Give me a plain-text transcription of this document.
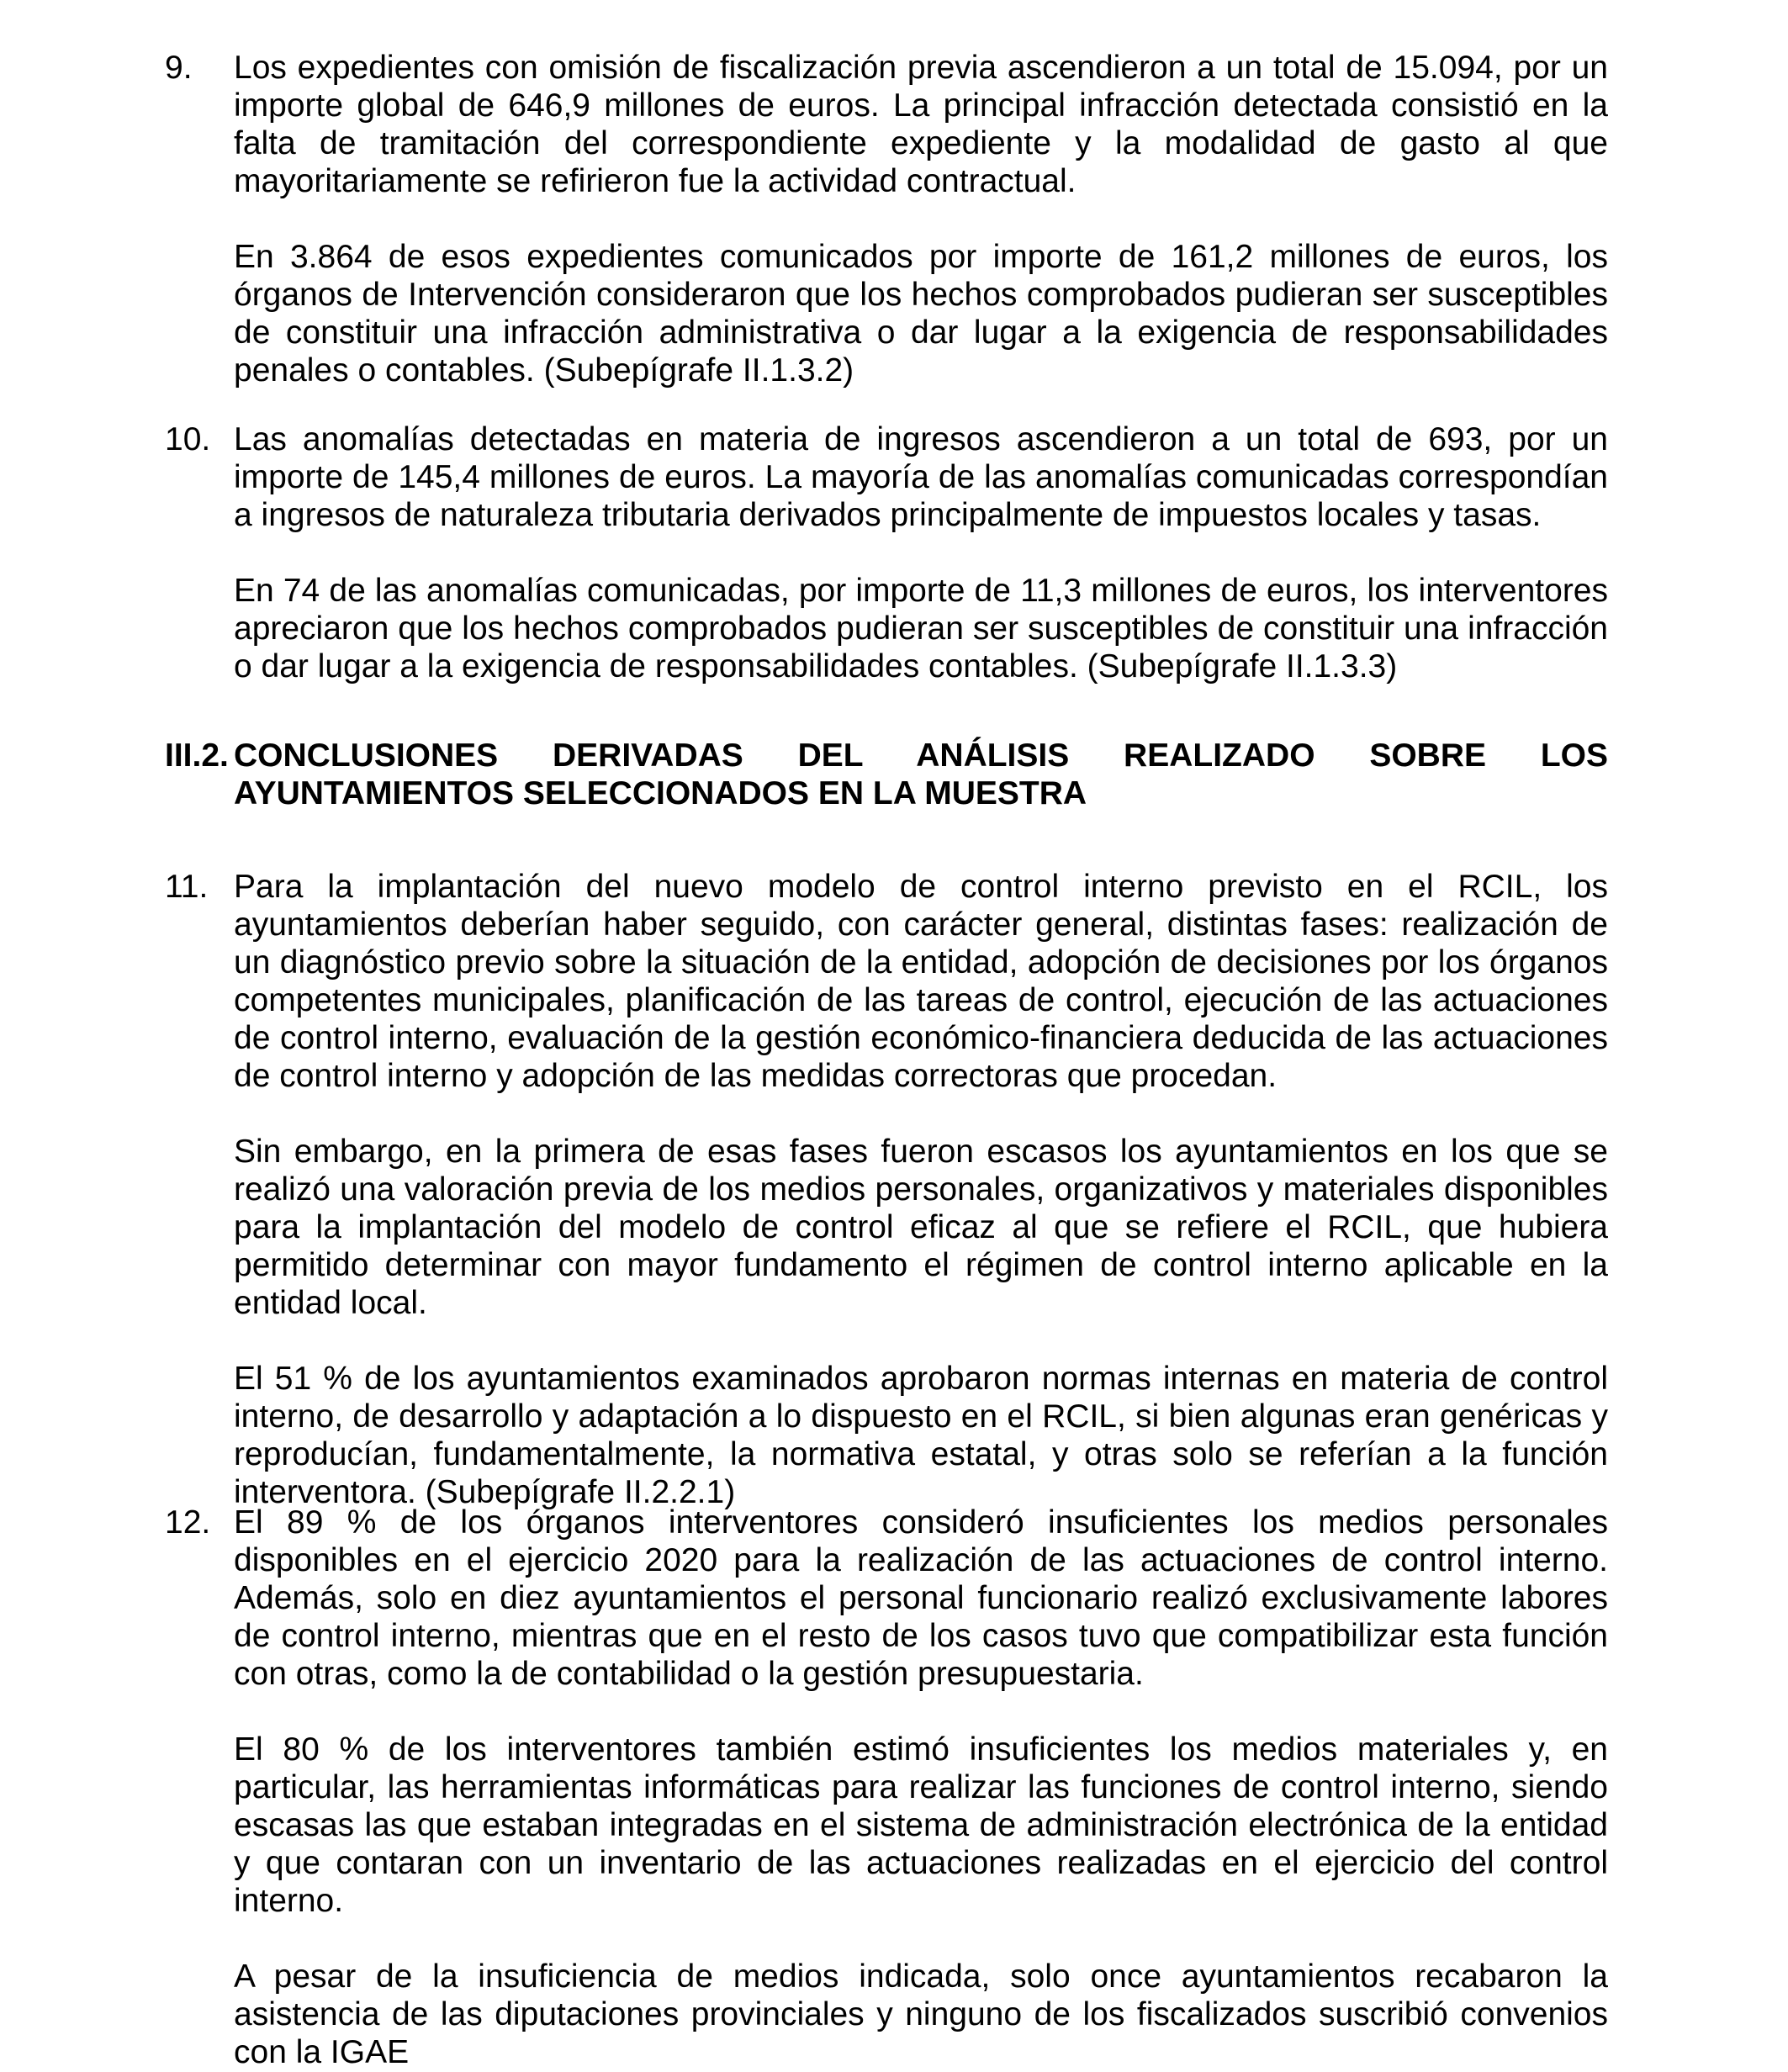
9.	Los expedientes con omisión de fiscalización previa ascendieron a un total de 15.094, por un importe global de 646,9 millones de euros. La principal infracción detectada consistió en la falta de tramitación del correspondiente expediente y la modalidad de gasto al que mayoritariamente se refirieron fue la actividad contractual.

En 3.864 de esos expedientes comunicados por importe de 161,2 millones de euros, los órganos de Intervención consideraron que los hechos comprobados pudieran ser susceptibles de constituir una infracción administrativa o dar lugar a la exigencia de responsabilidades penales o contables. (Subepígrafe II.1.3.2)

10. Las anomalías detectadas en materia de ingresos ascendieron a un total de 693, por un importe de 145,4 millones de euros. La mayoría de las anomalías comunicadas correspondían a ingresos de naturaleza tributaria derivados principalmente de impuestos locales y tasas.

En 74 de las anomalías comunicadas, por importe de 11,3 millones de euros, los interventores apreciaron que los hechos comprobados pudieran ser susceptibles de constituir una infracción o dar lugar a la exigencia de responsabilidades contables. (Subepígrafe II.1.3.3)

III.2. CONCLUSIONES DERIVADAS DEL ANÁLISIS REALIZADO SOBRE LOS AYUNTAMIENTOS SELECCIONADOS EN LA MUESTRA
11. Para la implantación del nuevo modelo de control interno previsto en el RCIL, los ayuntamientos deberían haber seguido, con carácter general, distintas fases: realización de un diagnóstico previo sobre la situación de la entidad, adopción de decisiones por los órganos competentes municipales, planificación de las tareas de control, ejecución de las actuaciones de control interno, evaluación de la gestión económico-financiera deducida de las actuaciones de control interno y adopción de las medidas correctoras que procedan.

Sin embargo, en la primera de esas fases fueron escasos los ayuntamientos en los que se realizó una valoración previa de los medios personales, organizativos y materiales disponibles para la implantación del modelo de control eficaz al que se refiere el RCIL, que hubiera permitido determinar con mayor fundamento el régimen de control interno aplicable en la entidad local.

El 51 % de los ayuntamientos examinados aprobaron normas internas en materia de control interno, de desarrollo y adaptación a lo dispuesto en el RCIL, si bien algunas eran genéricas y reproducían, fundamentalmente, la normativa estatal, y otras solo se referían a la función interventora. (Subepígrafe II.2.2.1)

12. El 89 % de los órganos interventores consideró insuficientes los medios personales disponibles en el ejercicio 2020 para la realización de las actuaciones de control interno. Además, solo en diez ayuntamientos el personal funcionario realizó exclusivamente labores de control interno, mientras que en el resto de los casos tuvo que compatibilizar esta función con otras, como la de contabilidad o la gestión presupuestaria.

El 80 % de los interventores también estimó insuficientes los medios materiales y, en particular, las herramientas informáticas para realizar las funciones de control interno, siendo escasas las que estaban integradas en el sistema de administración electrónica de la entidad y que contaran con un inventario de las actuaciones realizadas en el ejercicio del control interno.

A pesar de la insuficiencia de medios indicada, solo once ayuntamientos recabaron la asistencia de las diputaciones provinciales y ninguno de los fiscalizados suscribió convenios con la IGAE
